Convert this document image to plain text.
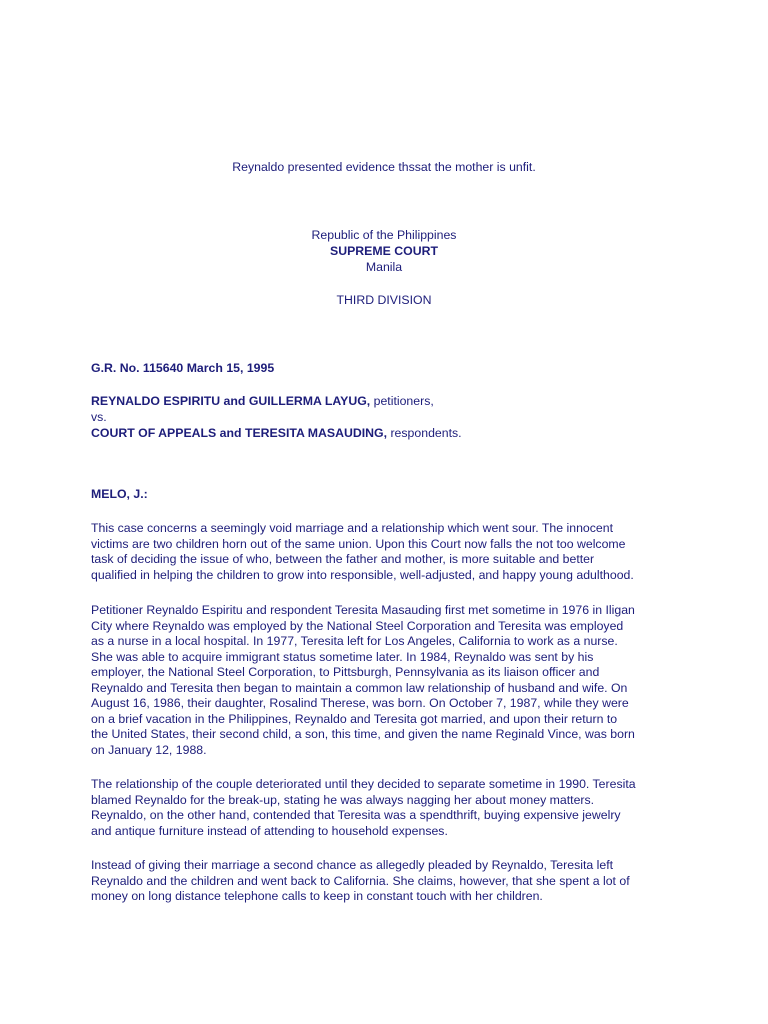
Reynaldo presented evidence thssat the mother is unfit.
Republic of the Philippines
SUPREME COURT
Manila
THIRD DIVISION
G.R. No. 115640 March 15, 1995
REYNALDO ESPIRITU and GUILLERMA LAYUG, petitioners,
vs.
COURT OF APPEALS and TERESITA MASAUDING, respondents.
MELO, J.:
This case concerns a seemingly void marriage and a relationship which went sour. The innocent
victims are two children horn out of the same union. Upon this Court now falls the not too welcome
task of deciding the issue of who, between the father and mother, is more suitable and better
qualified in helping the children to grow into responsible, well-adjusted, and happy young adulthood.
Petitioner Reynaldo Espiritu and respondent Teresita Masauding first met sometime in 1976 in Iligan
City where Reynaldo was employed by the National Steel Corporation and Teresita was employed
as a nurse in a local hospital. In 1977, Teresita left for Los Angeles, California to work as a nurse.
She was able to acquire immigrant status sometime later. In 1984, Reynaldo was sent by his
employer, the National Steel Corporation, to Pittsburgh, Pennsylvania as its liaison officer and
Reynaldo and Teresita then began to maintain a common law relationship of husband and wife. On
August 16, 1986, their daughter, Rosalind Therese, was born. On October 7, 1987, while they were
on a brief vacation in the Philippines, Reynaldo and Teresita got married, and upon their return to
the United States, their second child, a son, this time, and given the name Reginald Vince, was born
on January 12, 1988.
The relationship of the couple deteriorated until they decided to separate sometime in 1990. Teresita
blamed Reynaldo for the break-up, stating he was always nagging her about money matters.
Reynaldo, on the other hand, contended that Teresita was a spendthrift, buying expensive jewelry
and antique furniture instead of attending to household expenses.
Instead of giving their marriage a second chance as allegedly pleaded by Reynaldo, Teresita left
Reynaldo and the children and went back to California. She claims, however, that she spent a lot of
money on long distance telephone calls to keep in constant touch with her children.
